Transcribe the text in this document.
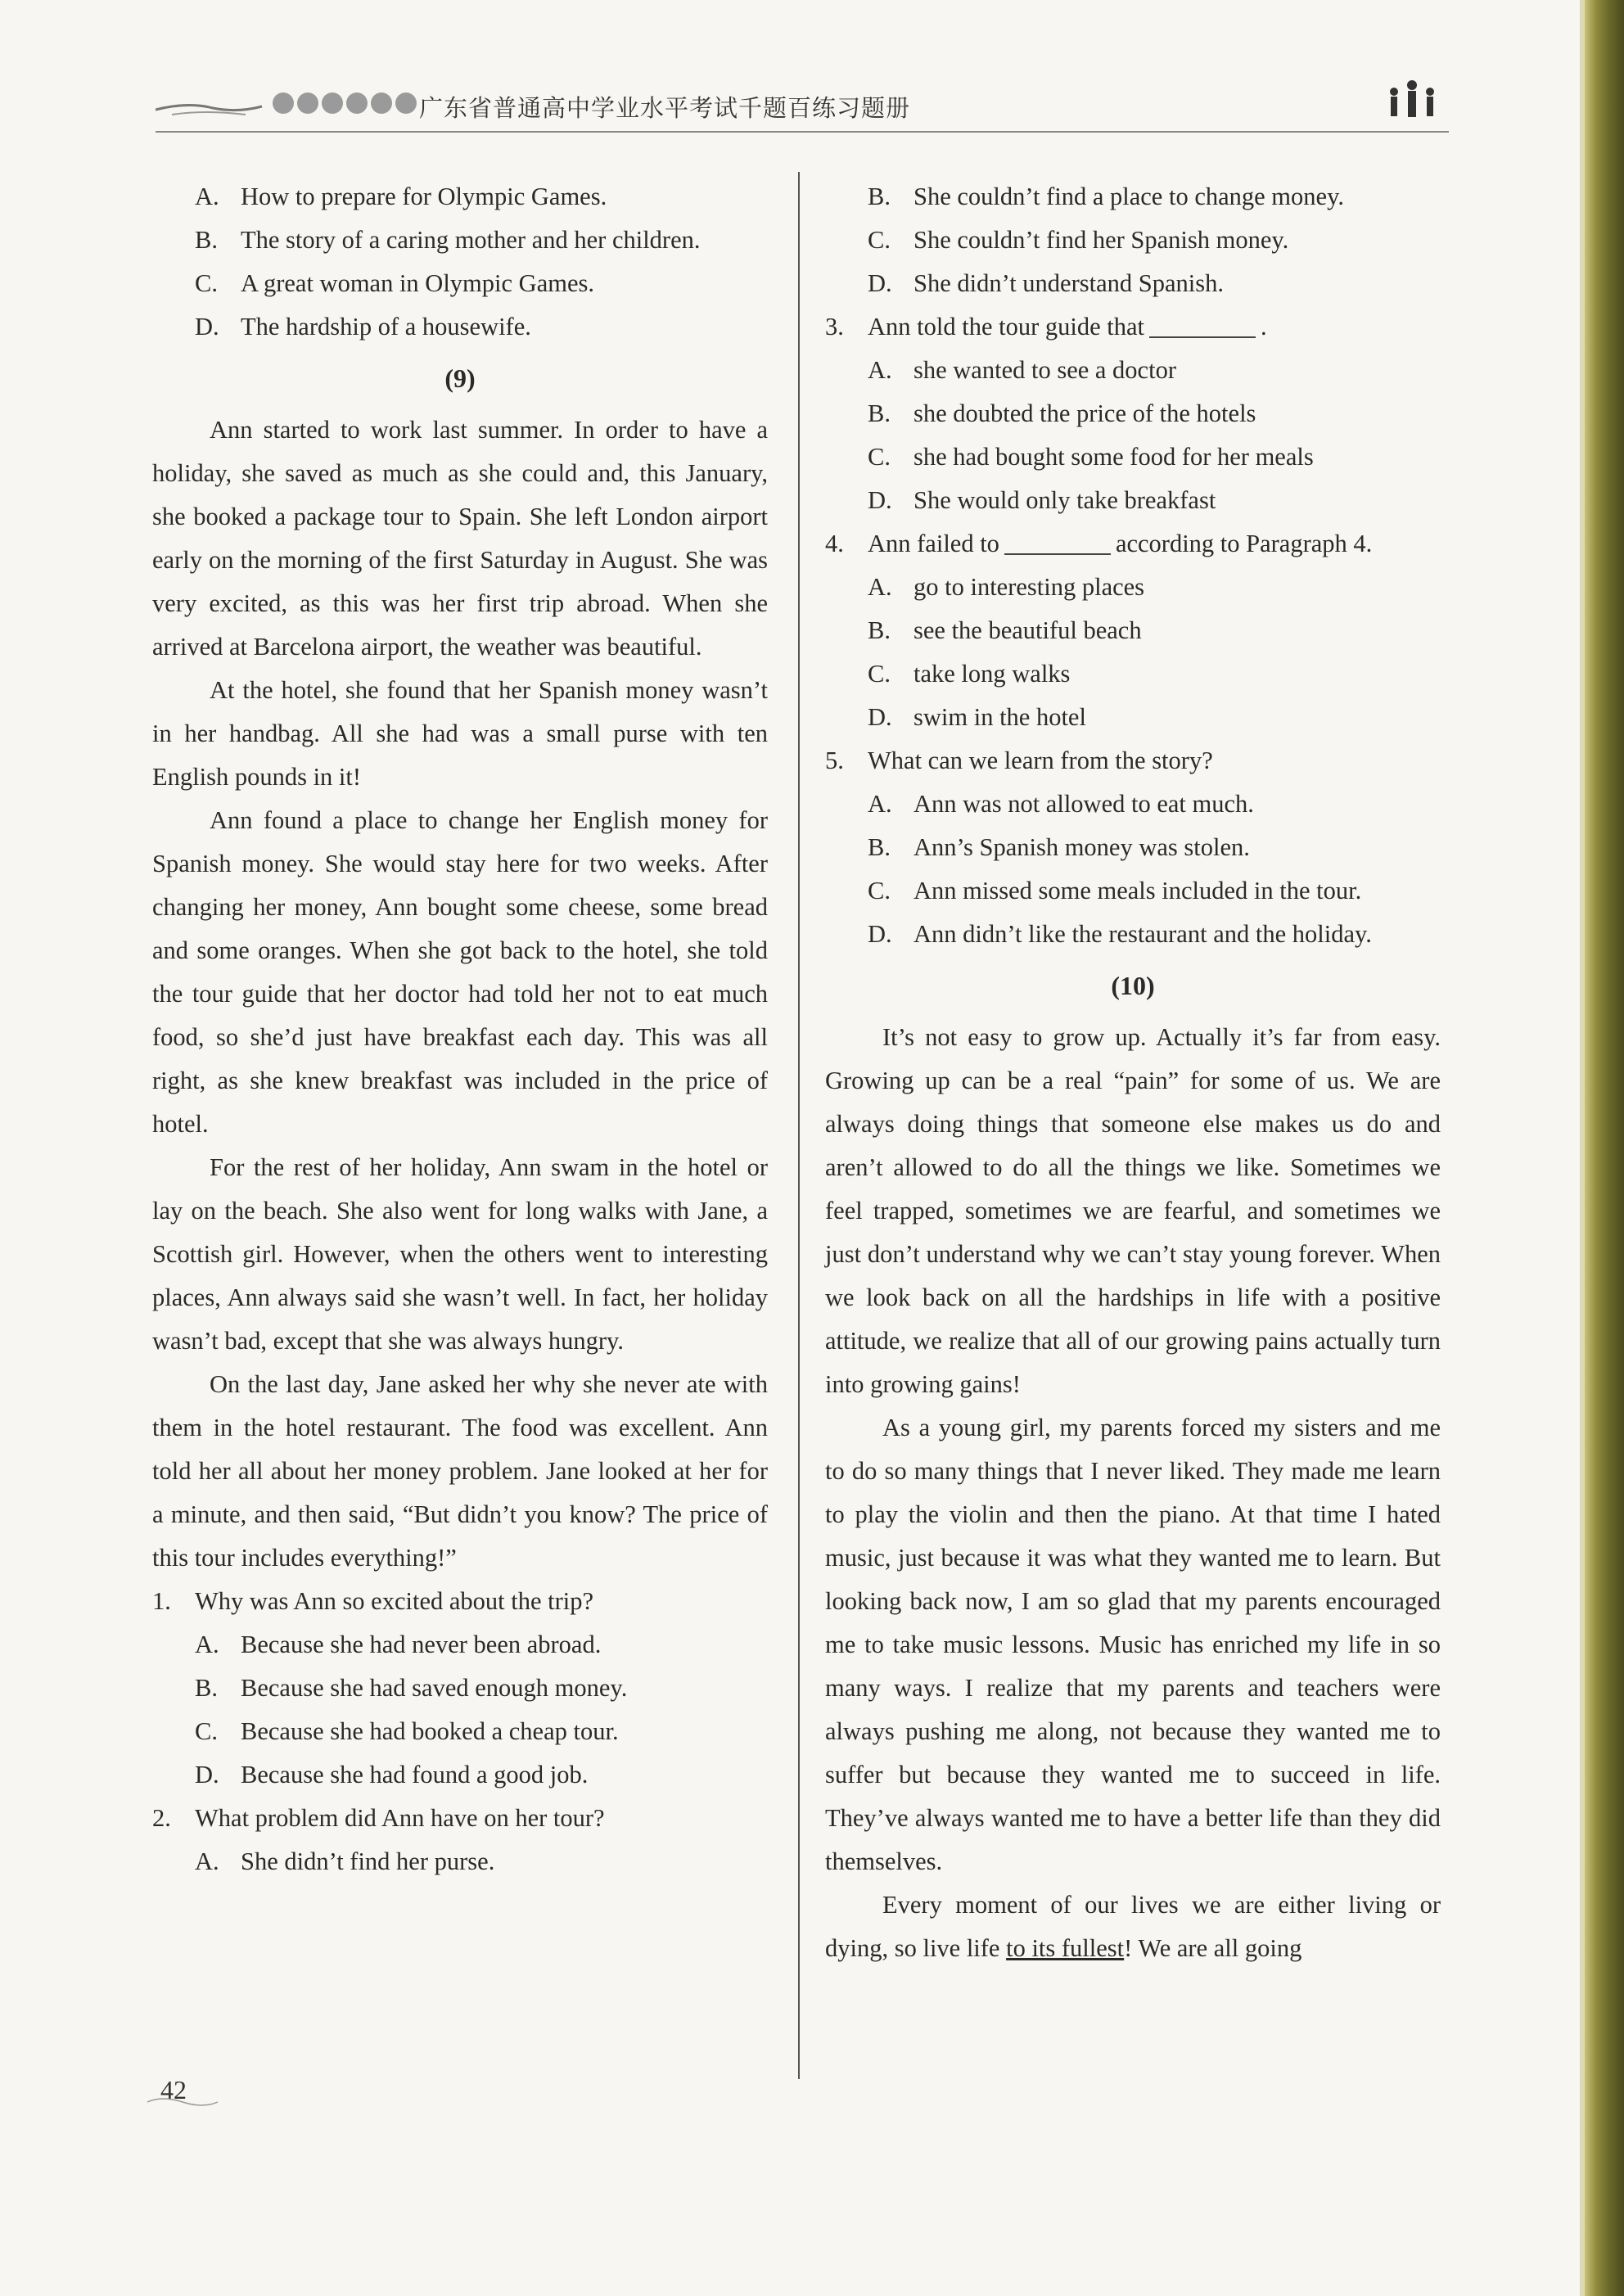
广东省普通高中学业水平考试千题百练习题册

A. How to prepare for Olympic Games.

B. The story of a caring mother and her children.

C. A great woman in Olympic Games.

D. The hardship of a housewife.

(9)

Ann started to work last summer. In order to have a holiday, she saved as much as she could and, this January, she booked a package tour to Spain. She left London airport early on the morning of the first Saturday in August. She was very excited, as this was her first trip abroad. When she arrived at Barcelona airport, the weather was beautiful.

At the hotel, she found that her Spanish money wasn’t in her handbag. All she had was a small purse with ten English pounds in it!

Ann found a place to change her English money for Spanish money. She would stay here for two weeks. After changing her money, Ann bought some cheese, some bread and some oranges. When she got back to the hotel, she told the tour guide that her doctor had told her not to eat much food, so she’d just have breakfast each day. This was all right, as she knew breakfast was included in the price of hotel.

For the rest of her holiday, Ann swam in the hotel or lay on the beach. She also went for long walks with Jane, a Scottish girl. However, when the others went to interesting places, Ann always said she wasn’t well. In fact, her holiday wasn’t bad, except that she was always hungry.

On the last day, Jane asked her why she never ate with them in the hotel restaurant. The food was excellent. Ann told her all about her money problem. Jane looked at her for a minute, and then said, “But didn’t you know? The price of this tour includes everything!”

1. Why was Ann so excited about the trip?

A. Because she had never been abroad.

B. Because she had saved enough money.

C. Because she had booked a cheap tour.

D. Because she had found a good job.

2. What problem did Ann have on her tour?

A. She didn’t find her purse.

B. She couldn’t find a place to change money.

C. She couldn’t find her Spanish money.

D. She didn’t understand Spanish.

3. Ann told the tour guide that	.

A. she wanted to see a doctor

B. she doubted the price of the hotels

C. she had bought some food for her meals

D. She would only take breakfast

4. Ann failed to	according to Paragraph 4.

A. go to interesting places

B. see the beautiful beach

C. take long walks

D. swim in the hotel

5. What can we learn from the story?

A. Ann was not allowed to eat much.

B. Ann’s Spanish money was stolen.

C. Ann missed some meals included in the tour.

D. Ann didn’t like the restaurant and the holiday.

(10)

It’s not easy to grow up. Actually it’s far from easy. Growing up can be a real “pain” for some of us. We are always doing things that someone else makes us do and aren’t allowed to do all the things we like. Sometimes we feel trapped, sometimes we are fearful, and sometimes we just don’t understand why we can’t stay young forever. When we look back on all the hardships in life with a positive attitude, we realize that all of our growing pains actually turn into growing gains!

As a young girl, my parents forced my sisters and me to do so many things that I never liked. They made me learn to play the violin and then the piano. At that time I hated music, just because it was what they wanted me to learn. But looking back now, I am so glad that my parents encouraged me to take music lessons. Music has enriched my life in so many ways. I realize that my parents and teachers were always pushing me along, not because they wanted me to suffer but because they wanted me to succeed in life. They’ve always wanted me to have a better life than they did themselves.

Every moment of our lives we are either living or dying, so live life to its fullest! We are all going

42
